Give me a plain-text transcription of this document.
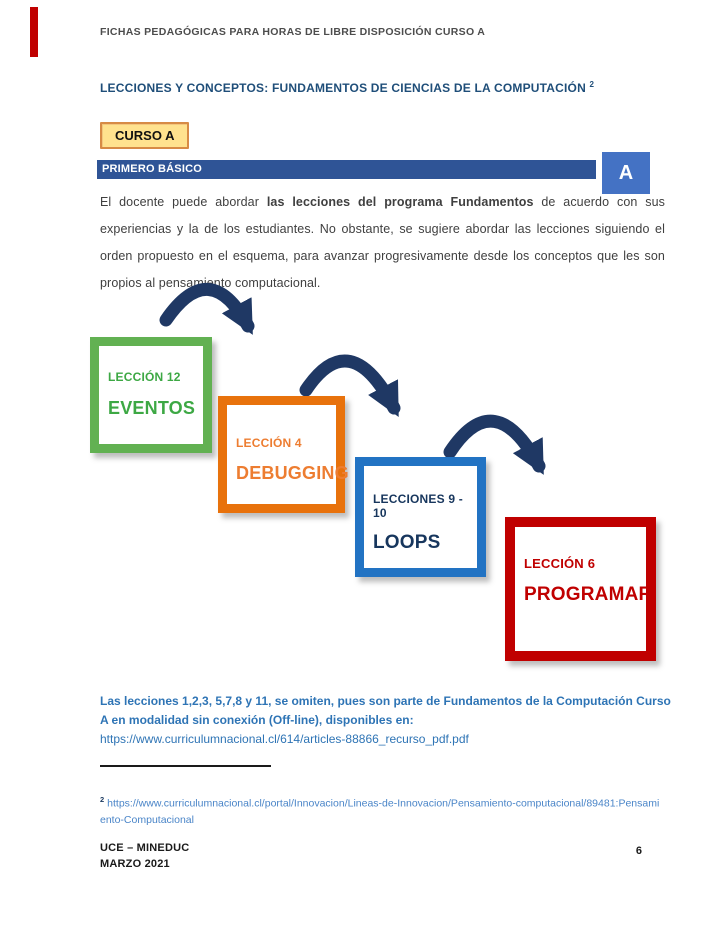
FICHAS PEDAGÓGICAS PARA HORAS DE LIBRE DISPOSICIÓN CURSO A
LECCIONES Y CONCEPTOS: FUNDAMENTOS DE CIENCIAS DE LA COMPUTACIÓN $^2$
CURSO A
PRIMERO BÁSICO	A
El docente puede abordar las lecciones del programa Fundamentos de acuerdo con sus experiencias y la de los estudiantes. No obstante, se sugiere abordar las lecciones siguiendo el orden propuesto en el esquema, para avanzar progresivamente desde los conceptos que les son propios al pensamiento computacional.
LECCIÓN 12
EVENTOS
LECCIÓN 4
DEBUGGING
LECCIONES 9 - 10
LOOPS
LECCIÓN 6
PROGRAMAR
Las lecciones 1,2,3, 5,7,8 y 11, se omiten, pues son parte de Fundamentos de la Computación Curso A en modalidad sin conexión (Off-line), disponibles en:
https://www.curriculumnacional.cl/614/articles-88866_recurso_pdf.pdf
$^2$ https://www.curriculumnacional.cl/portal/Innovacion/Lineas-de-Innovacion/Pensamiento-computacional/89481:Pensamiento-Computacional
UCE – MINEDUC
MARZO 2021
6
